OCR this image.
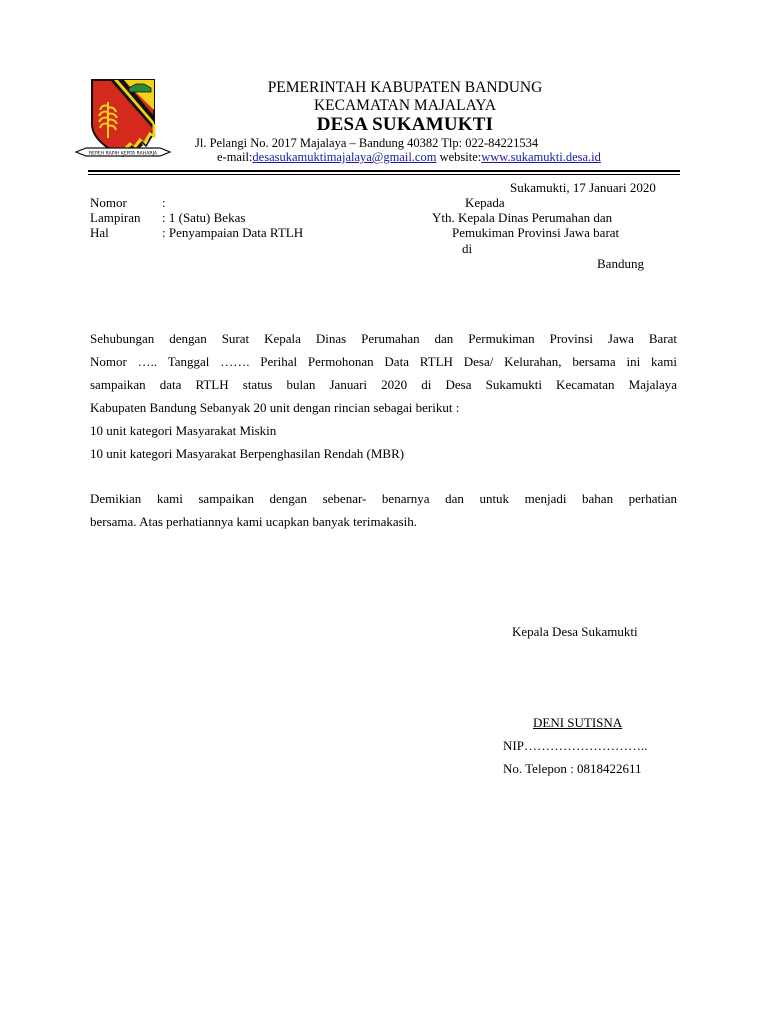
REPEH RAPIH KERTA RAHARJA
PEMERINTAH KABUPATEN BANDUNG
KECAMATAN MAJALAYA
DESA SUKAMUKTI
Jl. Pelangi No. 2017 Majalaya – Bandung 40382 Tlp: 022-84221534
e-mail:desasukamuktimajalaya@gmail.com website:www.sukamukti.desa.id
Sukamukti, 17 Januari 2020
Nomor	:
Lampiran : 1 (Satu) Bekas
Hal	: Penyampaian Data RTLH
Kepada
Yth. Kepala Dinas Perumahan dan
Pemukiman Provinsi Jawa barat
di
Bandung
Sehubungan dengan Surat Kepala Dinas Perumahan dan Permukiman Provinsi Jawa Barat
Nomor ….. Tanggal ……. Perihal Permohonan Data RTLH Desa/ Kelurahan, bersama ini kami
sampaikan data RTLH status bulan Januari 2020 di Desa Sukamukti Kecamatan Majalaya
Kabupaten Bandung Sebanyak 20 unit dengan rincian sebagai berikut :
10 unit kategori Masyarakat Miskin
10 unit kategori Masyarakat Berpenghasilan Rendah (MBR)
Demikian kami sampaikan dengan sebenar- benarnya dan untuk menjadi bahan perhatian
bersama. Atas perhatiannya kami ucapkan banyak terimakasih.
Kepala Desa Sukamukti
DENI SUTISNA
NIP………………………..
No. Telepon : 0818422611
